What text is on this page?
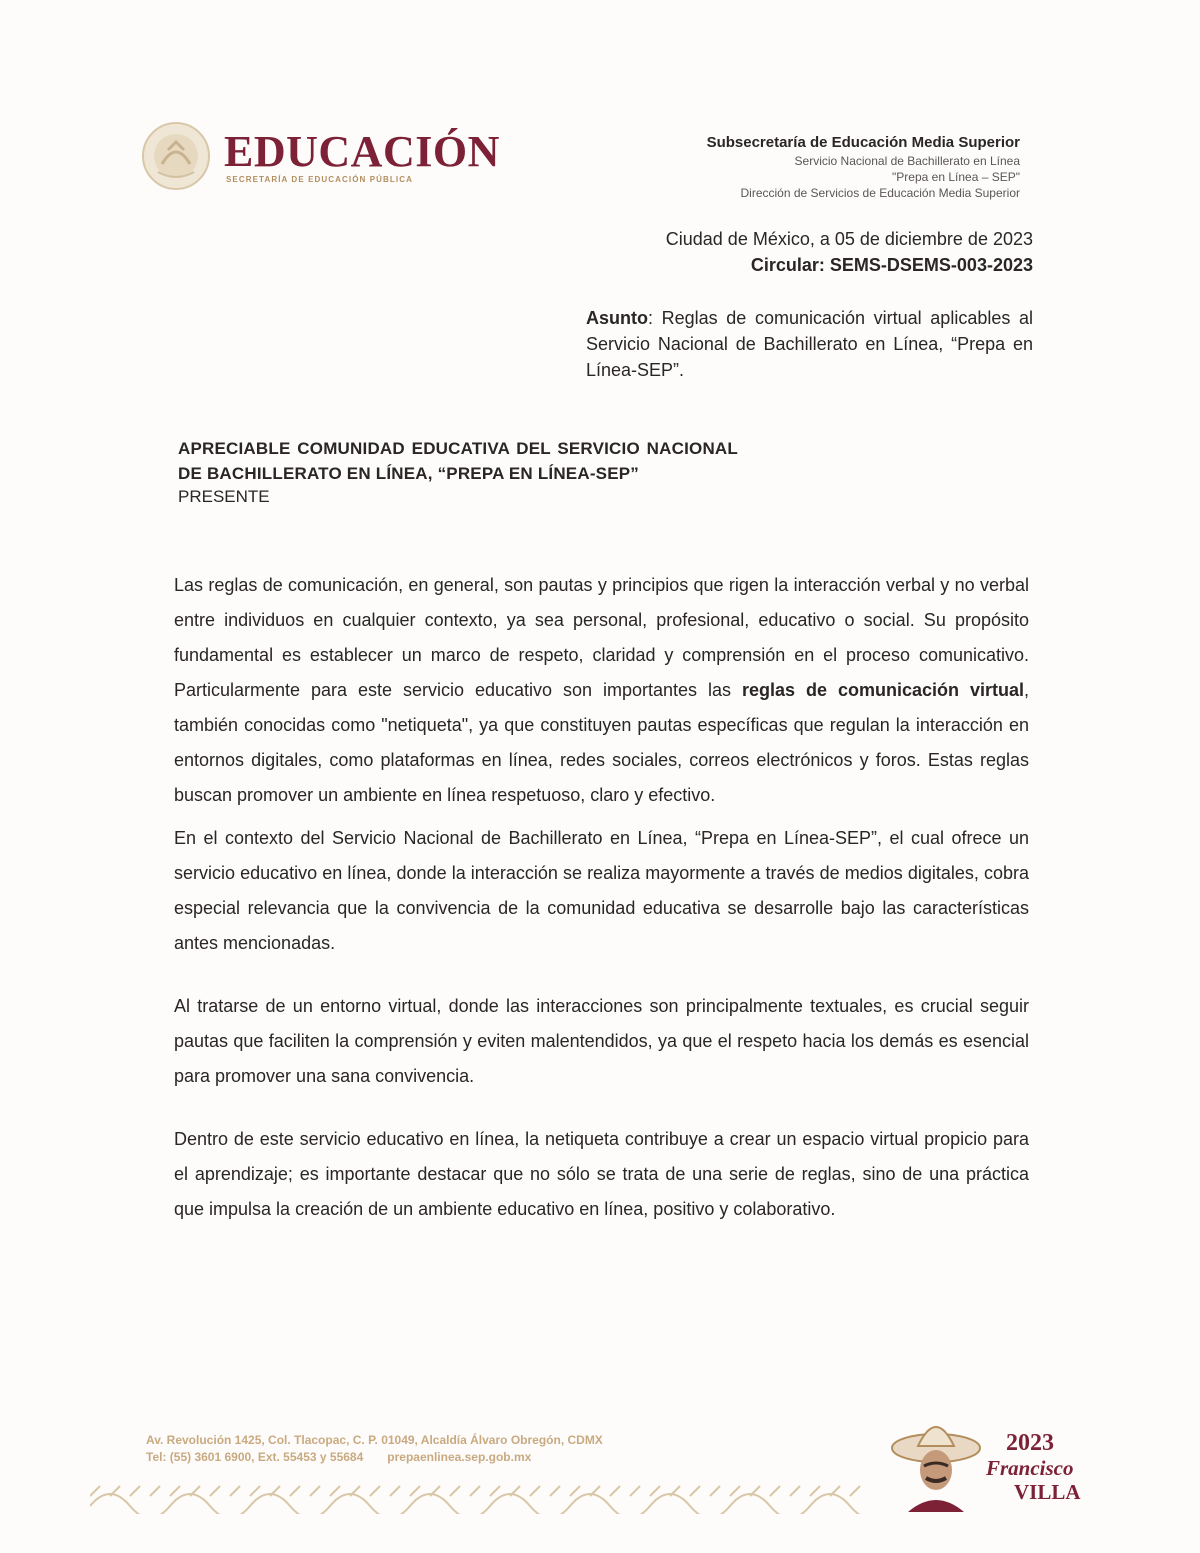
EDUCACIÓN
SECRETARÍA DE EDUCACIÓN PÚBLICA
Subsecretaría de Educación Media Superior
Servicio Nacional de Bachillerato en Línea
"Prepa en Línea – SEP"
Dirección de Servicios de Educación Media Superior
Ciudad de México, a 05 de diciembre de 2023
Circular: SEMS-DSEMS-003-2023
Asunto: Reglas de comunicación virtual aplicables al Servicio Nacional de Bachillerato en Línea, “Prepa en Línea-SEP”.
APRECIABLE COMUNIDAD EDUCATIVA DEL SERVICIO NACIONAL DE BACHILLERATO EN LÍNEA, “PREPA EN LÍNEA-SEP”
PRESENTE

Las reglas de comunicación, en general, son pautas y principios que rigen la interacción verbal y no verbal entre individuos en cualquier contexto, ya sea personal, profesional, educativo o social. Su propósito fundamental es establecer un marco de respeto, claridad y comprensión en el proceso comunicativo. Particularmente para este servicio educativo son importantes las reglas de comunicación virtual, también conocidas como "netiqueta", ya que constituyen pautas específicas que regulan la interacción en entornos digitales, como plataformas en línea, redes sociales, correos electrónicos y foros. Estas reglas buscan promover un ambiente en línea respetuoso, claro y efectivo.

En el contexto del Servicio Nacional de Bachillerato en Línea, “Prepa en Línea-SEP”, el cual ofrece un servicio educativo en línea, donde la interacción se realiza mayormente a través de medios digitales, cobra especial relevancia que la convivencia de la comunidad educativa se desarrolle bajo las características antes mencionadas.

Al tratarse de un entorno virtual, donde las interacciones son principalmente textuales, es crucial seguir pautas que faciliten la comprensión y eviten malentendidos, ya que el respeto hacia los demás es esencial para promover una sana convivencia.

Dentro de este servicio educativo en línea, la netiqueta contribuye a crear un espacio virtual propicio para el aprendizaje; es importante destacar que no sólo se trata de una serie de reglas, sino de una práctica que impulsa la creación de un ambiente educativo en línea, positivo y colaborativo.

Av. Revolución 1425, Col. Tlacopac, C. P. 01049, Alcaldía Álvaro Obregón, CDMX
Tel: (55) 3601 6900, Ext. 55453 y 55684 prepaenlinea.sep.gob.mx
2023
Francisco
VILLA
